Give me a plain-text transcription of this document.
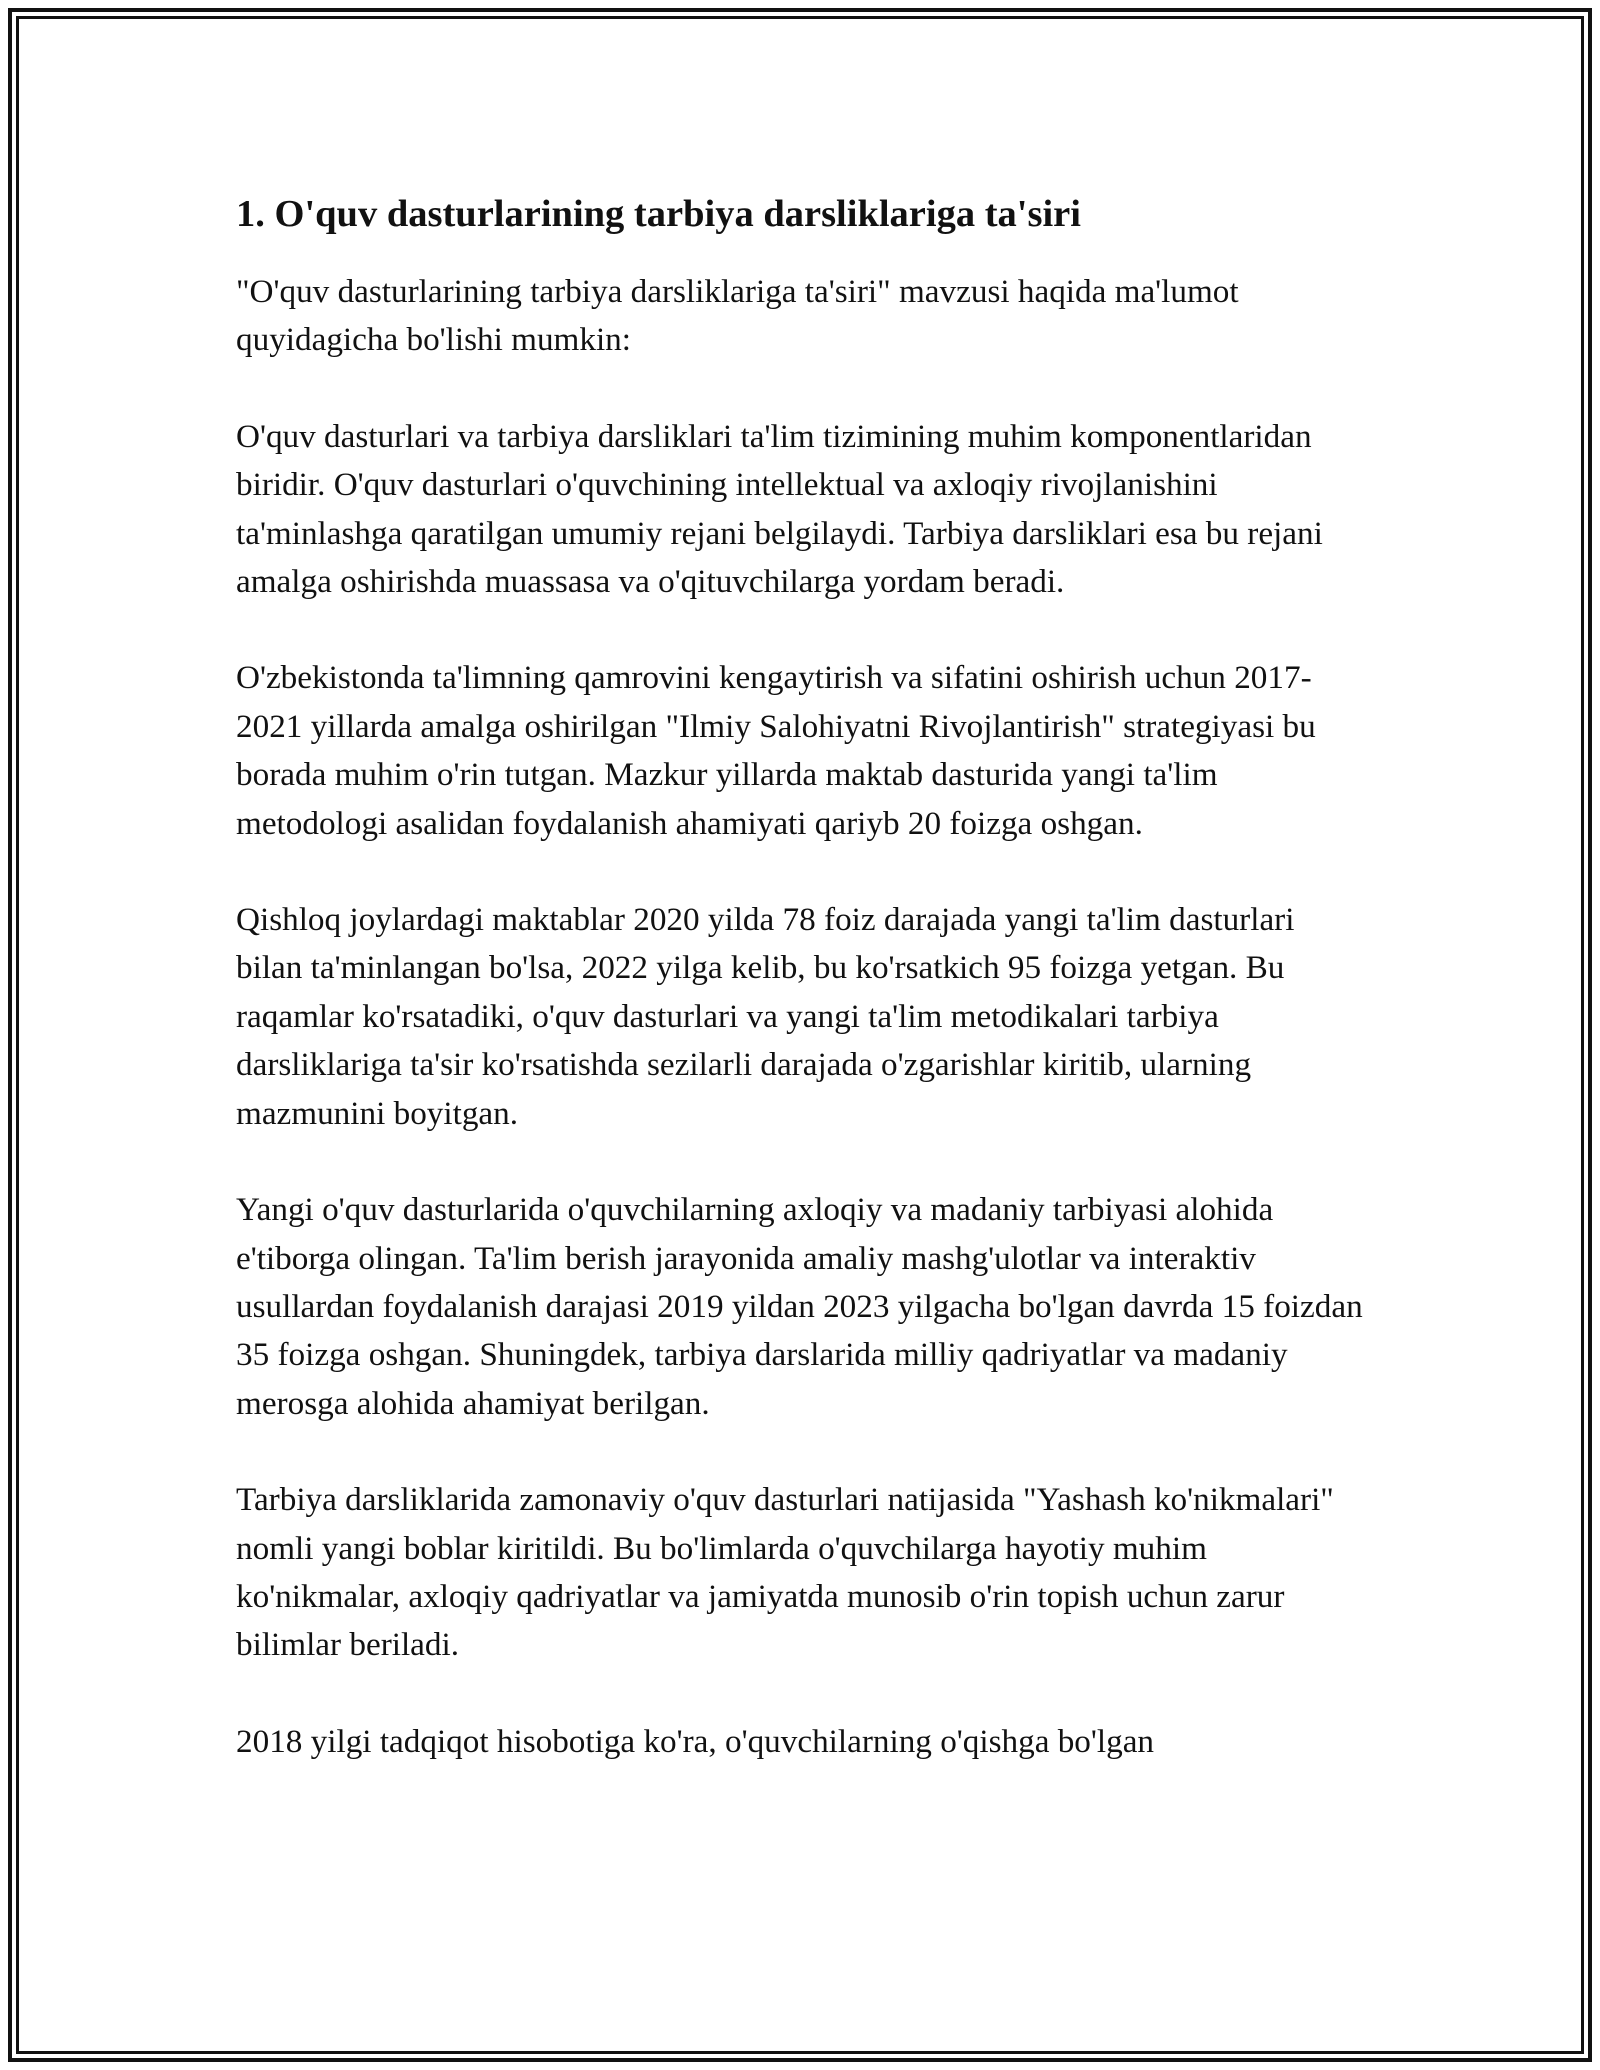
1. O'quv dasturlarining tarbiya darsliklariga ta'siri

"O'quv dasturlarining tarbiya darsliklariga ta'siri" mavzusi haqida ma'lumot quyidagicha bo'lishi mumkin:

O'quv dasturlari va tarbiya darsliklari ta'lim tizimining muhim komponentlaridan biridir. O'quv dasturlari o'quvchining intellektual va axloqiy rivojlanishini ta'minlashga qaratilgan umumiy rejani belgilaydi. Tarbiya darsliklari esa bu rejani amalga oshirishda muassasa va o'qituvchilarga yordam beradi.

O'zbekistonda ta'limning qamrovini kengaytirish va sifatini oshirish uchun 2017-2021 yillarda amalga oshirilgan "Ilmiy Salohiyatni Rivojlantirish" strategiyasi bu borada muhim o'rin tutgan. Mazkur yillarda maktab dasturida yangi ta'lim metodologi asalidan foydalanish ahamiyati qariyb 20 foizga oshgan.

Qishloq joylardagi maktablar 2020 yilda 78 foiz darajada yangi ta'lim dasturlari bilan ta'minlangan bo'lsa, 2022 yilga kelib, bu ko'rsatkich 95 foizga yetgan. Bu raqamlar ko'rsatadiki, o'quv dasturlari va yangi ta'lim metodikalari tarbiya darsliklariga ta'sir ko'rsatishda sezilarli darajada o'zgarishlar kiritib, ularning mazmunini boyitgan.

Yangi o'quv dasturlarida o'quvchilarning axloqiy va madaniy tarbiyasi alohida e'tiborga olingan. Ta'lim berish jarayonida amaliy mashg'ulotlar va interaktiv usullardan foydalanish darajasi 2019 yildan 2023 yilgacha bo'lgan davrda 15 foizdan 35 foizga oshgan. Shuningdek, tarbiya darslarida milliy qadriyatlar va madaniy merosga alohida ahamiyat berilgan.

Tarbiya darsliklarida zamonaviy o'quv dasturlari natijasida "Yashash ko'nikmalari" nomli yangi boblar kiritildi. Bu bo'limlarda o'quvchilarga hayotiy muhim ko'nikmalar, axloqiy qadriyatlar va jamiyatda munosib o'rin topish uchun zarur bilimlar beriladi.

2018 yilgi tadqiqot hisobotiga ko'ra, o'quvchilarning o'qishga bo'lgan
